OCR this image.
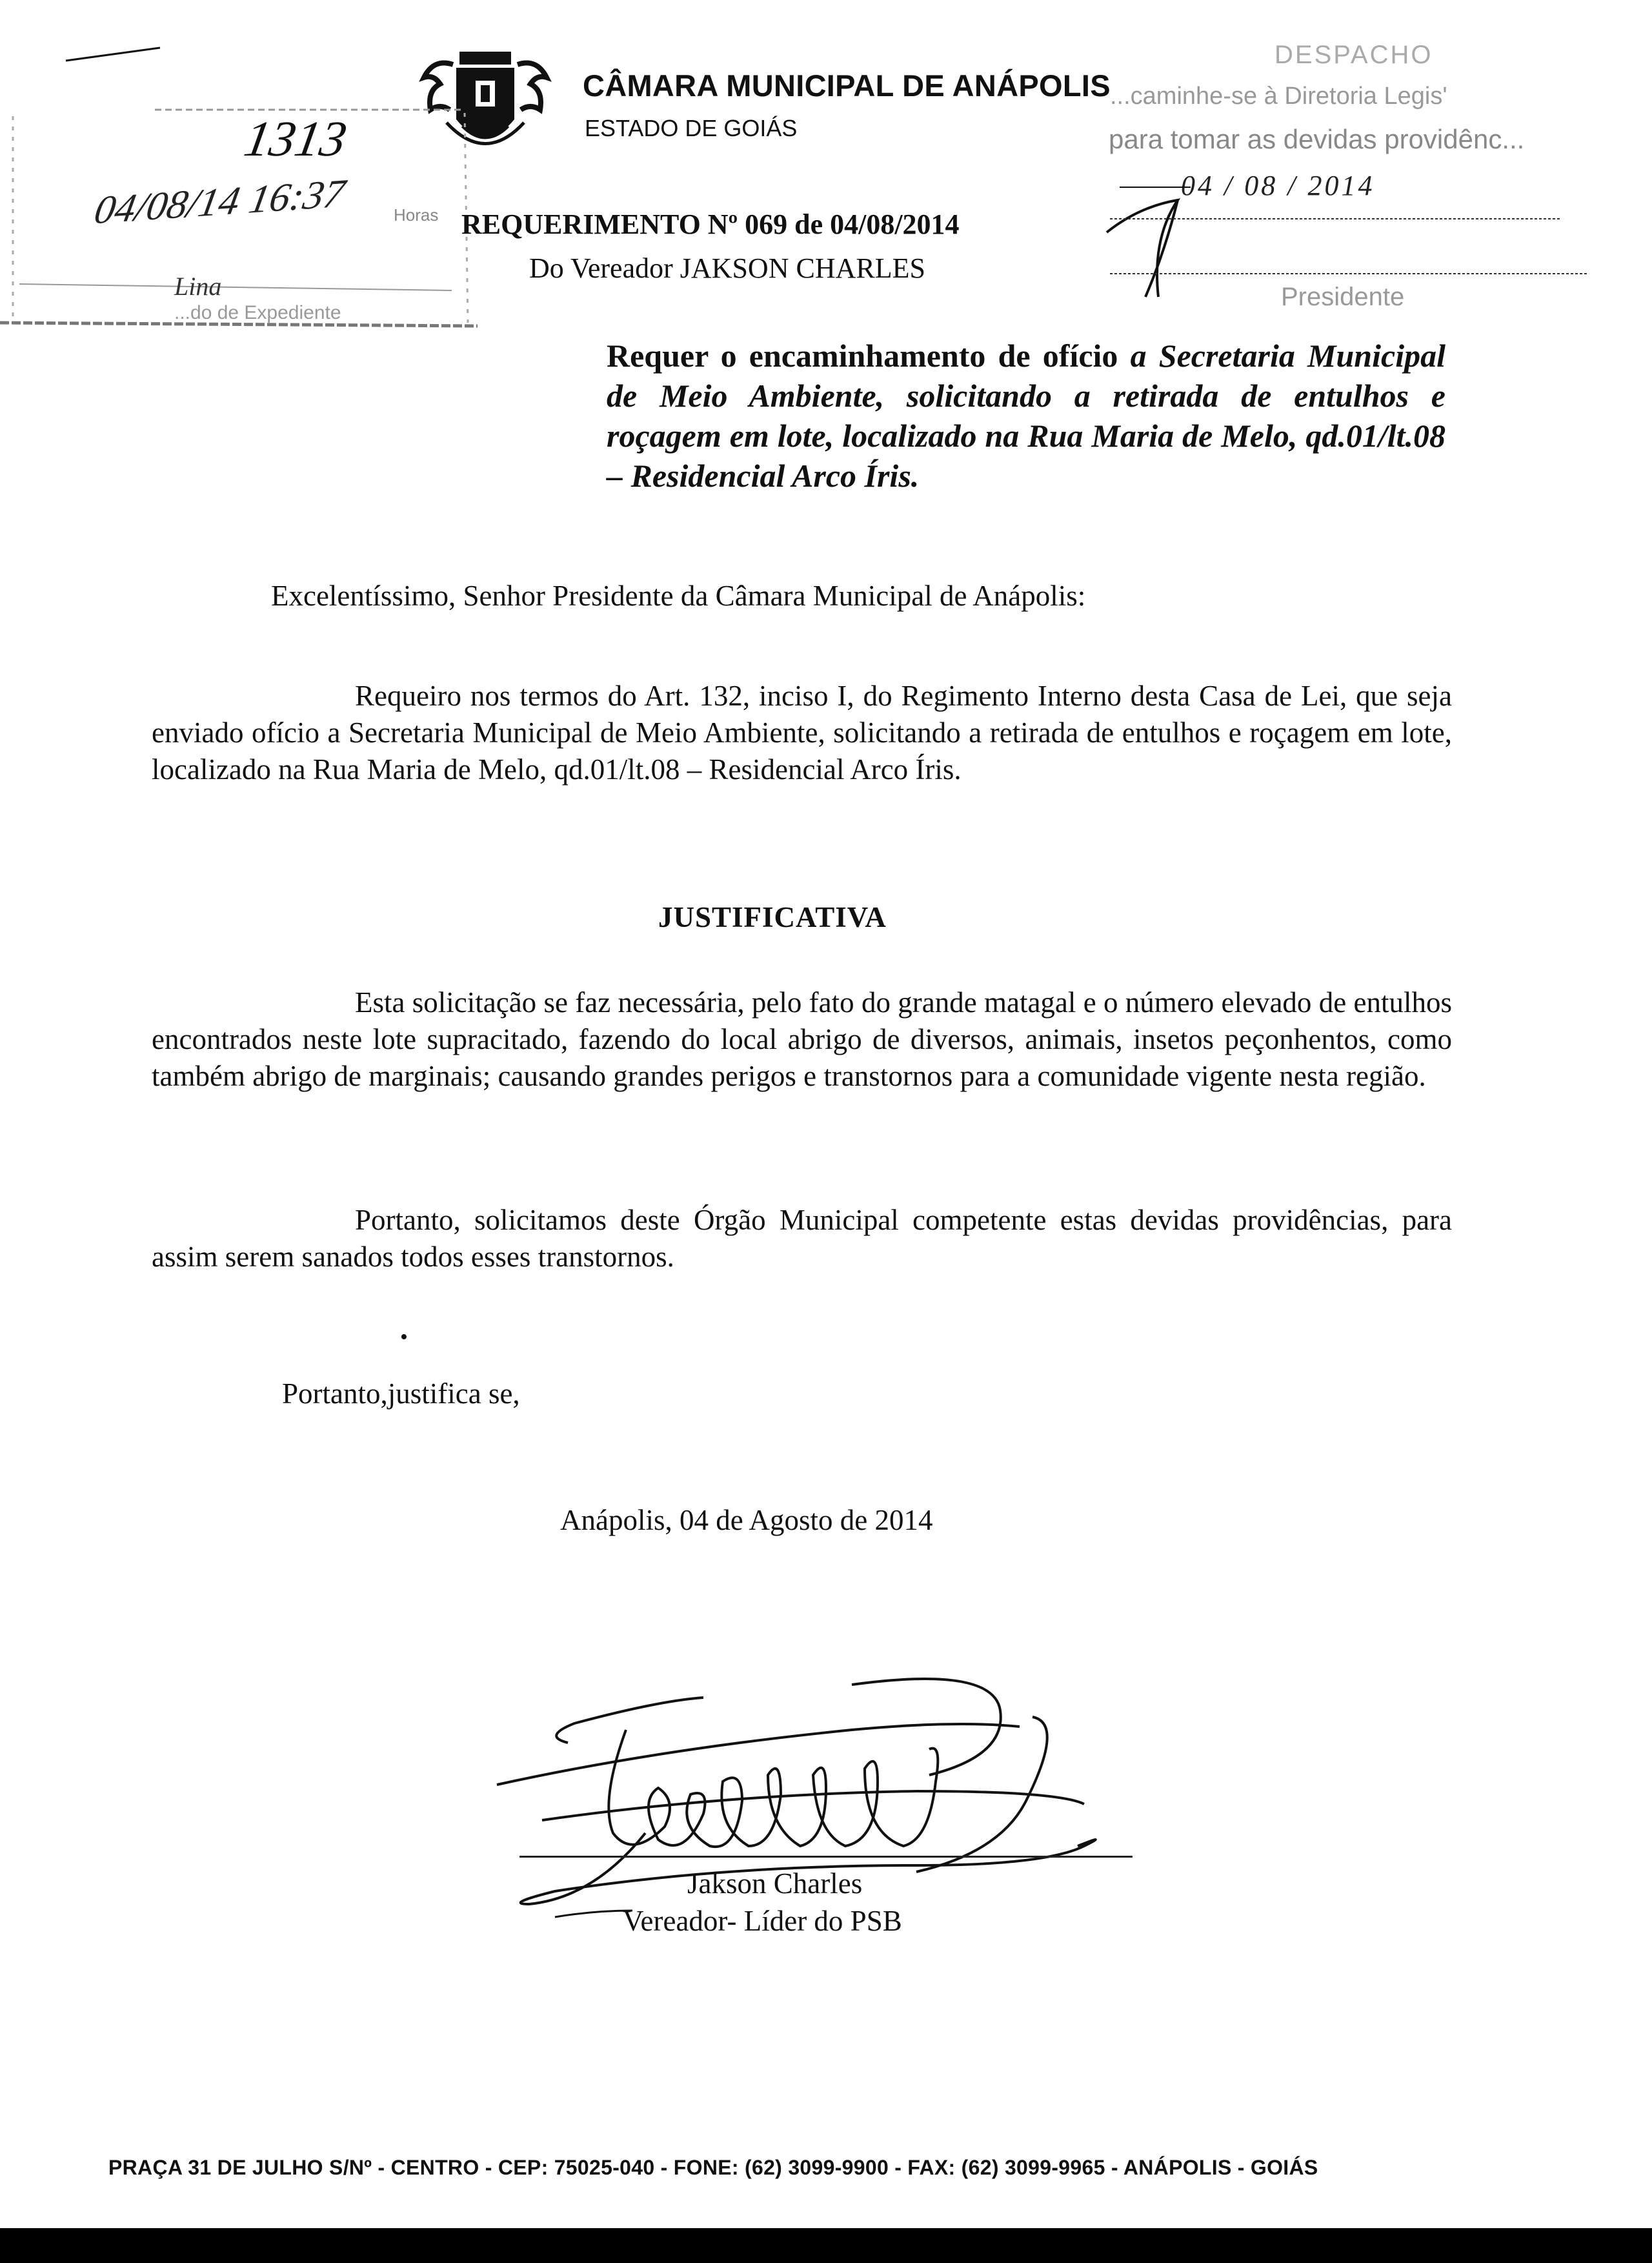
CÂMARA MUNICIPAL DE ANÁPOLIS
ESTADO DE GOIÁS
1313
04/08/14 16:37	Horas
Lina
...do de Expediente
DESPACHO
...caminhe-se à Diretoria Legis'
para tomar as devidas providênc...
04 / 08 / 2014
Presidente
REQUERIMENTO Nº 069 de 04/08/2014
Do Vereador JAKSON CHARLES
Requer o encaminhamento de ofício a Secretaria Municipal de Meio Ambiente, solicitando a retirada de entulhos e roçagem em lote, localizado na Rua Maria de Melo, qd.01/lt.08 – Residencial Arco Íris.
Excelentíssimo, Senhor Presidente da Câmara Municipal de Anápolis:
Requeiro nos termos do Art. 132, inciso I, do Regimento Interno desta Casa de Lei, que seja enviado ofício a Secretaria Municipal de Meio Ambiente, solicitando a retirada de entulhos e roçagem em lote, localizado na Rua Maria de Melo, qd.01/lt.08 – Residencial Arco Íris.
JUSTIFICATIVA
Esta solicitação se faz necessária, pelo fato do grande matagal e o número elevado de entulhos encontrados neste lote supracitado, fazendo do local abrigo de diversos, animais, insetos peçonhentos, como também abrigo de marginais; causando grandes perigos e transtornos para a comunidade vigente nesta região.
Portanto, solicitamos deste Órgão Municipal competente estas devidas providências, para assim serem sanados todos esses transtornos.
•
Portanto,justifica se,
Anápolis, 04 de Agosto de 2014
Jakson Charles
Vereador- Líder do PSB
PRAÇA 31 DE JULHO S/Nº - CENTRO - CEP: 75025-040 - FONE: (62) 3099-9900 - FAX: (62) 3099-9965 - ANÁPOLIS - GOIÁS
